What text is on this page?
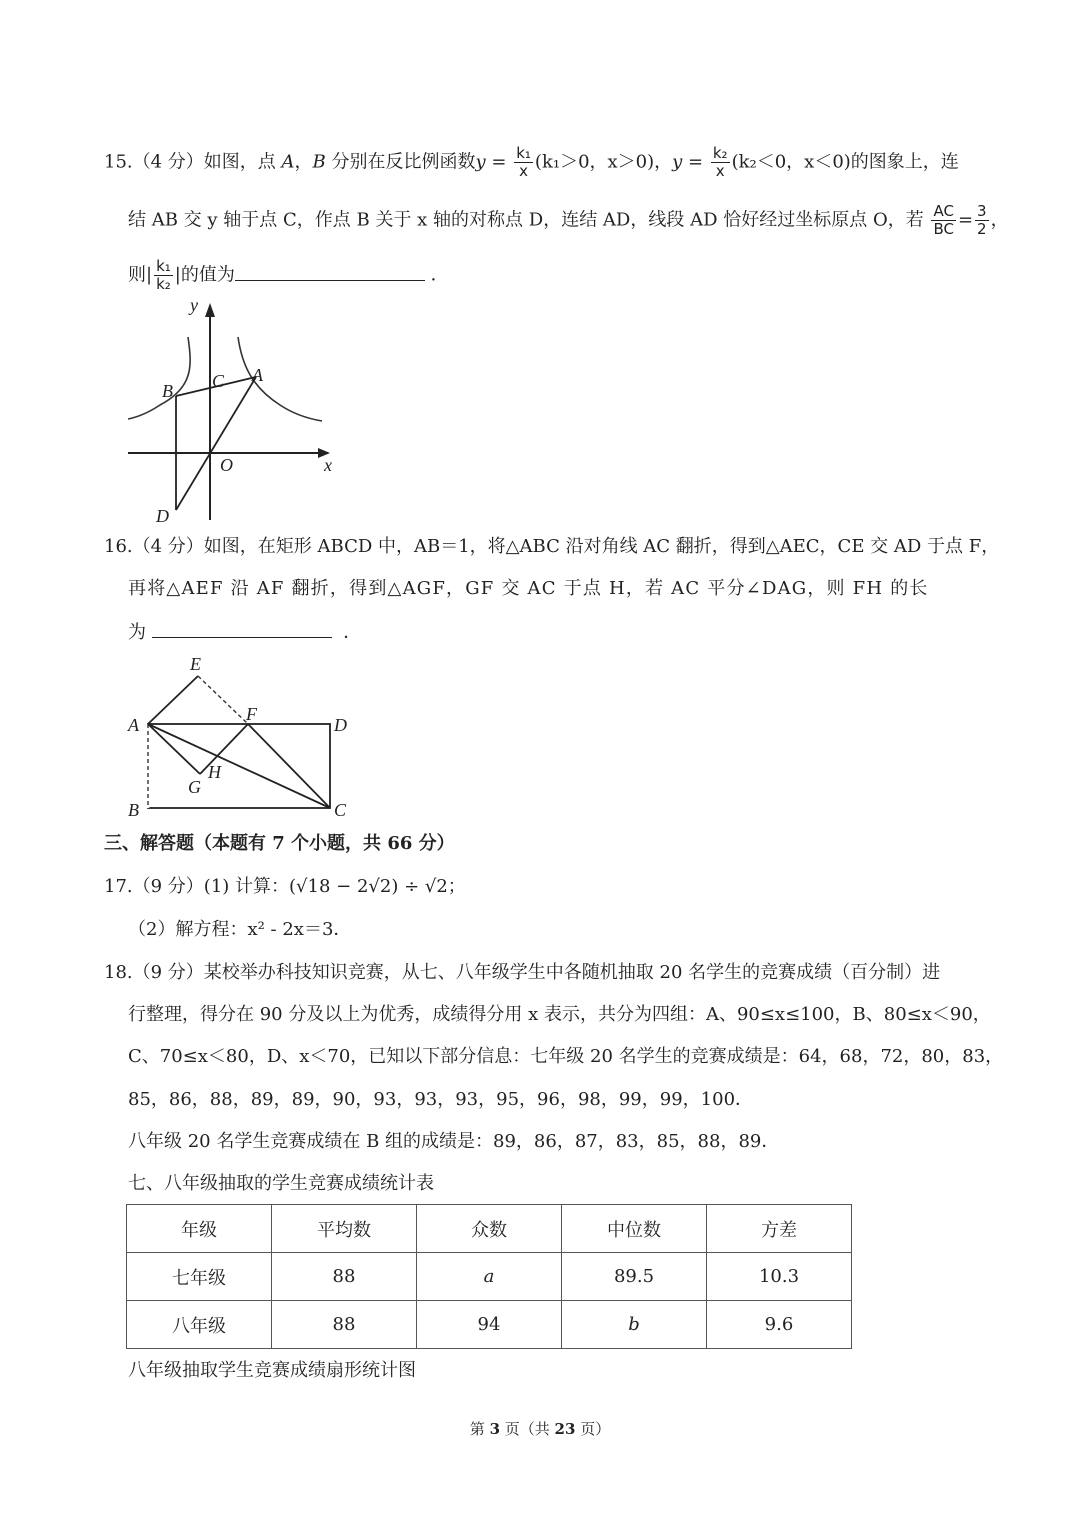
15.（4 分）如图，点 A，B 分别在反比例函数$y = \frac{\text{k₁}}{x} (k_1>0$，x＞0)，$y = \frac{\text{k₂}}{x} (k_2<0$，x＜0)的图象上，连
结 AB 交 y 轴于点 C，作点 B 关于 x 轴的对称点 D，连结 AD，线段 AD 恰好经过坐标原点 O，若 $\frac{AC}{BC} = \frac{3}{2}$ ，
则| $\frac{\text{k₁}}{\text{k₂}}$ |的值为	．
O	x
y
A
B C
D
16.（4 分）如图，在矩形 ABCD 中，AB＝1，将△ABC 沿对角线 AC 翻折，得到△AEC，CE 交 AD 于点 F，
再将△AEF 沿 AF 翻折，得到△AGF，GF 交 AC 于点 H，若 AC 平分∠DAG，则 FH 的长
为	．
A
B	C
D
E
F
G
H
三、解答题（本题有 7 个小题，共 66 分）
17.（9 分）(1) 计算：(√18 − 2√2) ÷ √2；
（2）解方程：x² - 2x＝3．
18.（9 分）某校举办科技知识竞赛，从七、八年级学生中各随机抽取 20 名学生的竞赛成绩（百分制）进
行整理，得分在 90 分及以上为优秀，成绩得分用 x 表示，共分为四组：A、90≤x≤100，B、80≤x＜90，
C、70≤x＜80，D、x＜70，已知以下部分信息：七年级 20 名学生的竞赛成绩是：64，68，72，80，83，
85，86，88，89，89，90，93，93，93，95，96，98，99，99，100．
八年级 20 名学生竞赛成绩在 B 组的成绩是：89，86，87，83，85，88，89．
七、八年级抽取的学生竞赛成绩统计表
年级	平均数	众数	中位数	方差
七年级	88	a	89.5	10.3
八年级	88	94	b	9.6
八年级抽取学生竞赛成绩扇形统计图
第 3 页（共 23 页）
